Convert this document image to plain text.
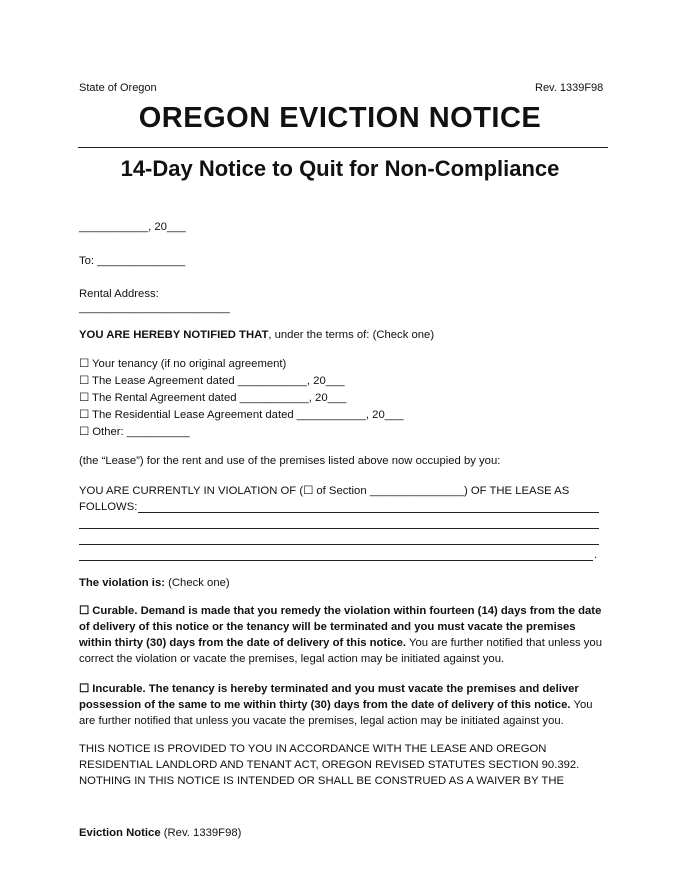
State of Oregon	Rev. 1339F98
OREGON EVICTION NOTICE
14-Day Notice to Quit for Non-Compliance
___________, 20___
To: ______________
Rental Address:
________________________
YOU ARE HEREBY NOTIFIED THAT, under the terms of: (Check one)
☐ Your tenancy (if no original agreement)
☐ The Lease Agreement dated ___________, 20___
☐ The Rental Agreement dated ___________, 20___
☐ The Residential Lease Agreement dated ___________, 20___
☐ Other: __________
(the “Lease”) for the rent and use of the premises listed above now occupied by you:
YOU ARE CURRENTLY IN VIOLATION OF (☐ of Section _______________) OF THE LEASE AS
FOLLOWS:
.
The violation is: (Check one)
☐ Curable. Demand is made that you remedy the violation within fourteen (14) days from the date of delivery of this notice or the tenancy will be terminated and you must vacate the premises within thirty (30) days from the date of delivery of this notice. You are further notified that unless you correct the violation or vacate the premises, legal action may be initiated against you.
☐ Incurable. The tenancy is hereby terminated and you must vacate the premises and deliver possession of the same to me within thirty (30) days from the date of delivery of this notice. You are further notified that unless you vacate the premises, legal action may be initiated against you.
THIS NOTICE IS PROVIDED TO YOU IN ACCORDANCE WITH THE LEASE AND OREGON RESIDENTIAL LANDLORD AND TENANT ACT, OREGON REVISED STATUTES SECTION 90.392. NOTHING IN THIS NOTICE IS INTENDED OR SHALL BE CONSTRUED AS A WAIVER BY THE
Eviction Notice (Rev. 1339F98)
